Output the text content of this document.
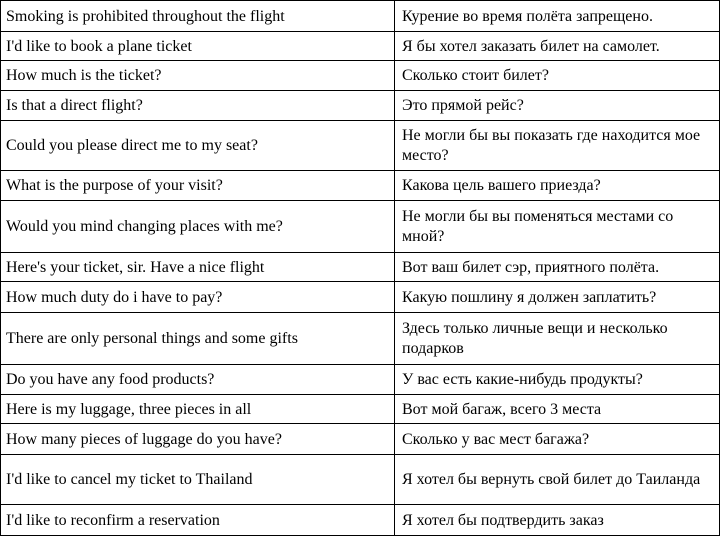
Smoking is prohibited throughout the flight	Курение во время полёта запрещено.
I'd like to book a plane ticket	Я бы хотел заказать билет на самолет.
How much is the ticket?	Сколько стоит билет?
Is that a direct flight?	Это прямой рейс?
Could you please direct me to my seat?	Не могли бы вы показать где находится мое место?
What is the purpose of your visit?	Какова цель вашего приезда?
Would you mind changing places with me?	Не могли бы вы поменяться местами со мной?
Here's your ticket, sir. Have a nice flight	Вот ваш билет сэр, приятного полёта.
How much duty do i have to pay?	Какую пошлину я должен заплатить?
There are only personal things and some gifts	Здесь только личные вещи и несколько подарков
Do you have any food products?	У вас есть какие-нибудь продукты?
Here is my luggage, three pieces in all	Вот мой багаж, всего 3 места
How many pieces of luggage do you have?	Сколько у вас мест багажа?
I'd like to cancel my ticket to Thailand	Я хотел бы вернуть свой билет до Таиланда
I'd like to reconfirm a reservation	Я хотел бы подтвердить заказ
